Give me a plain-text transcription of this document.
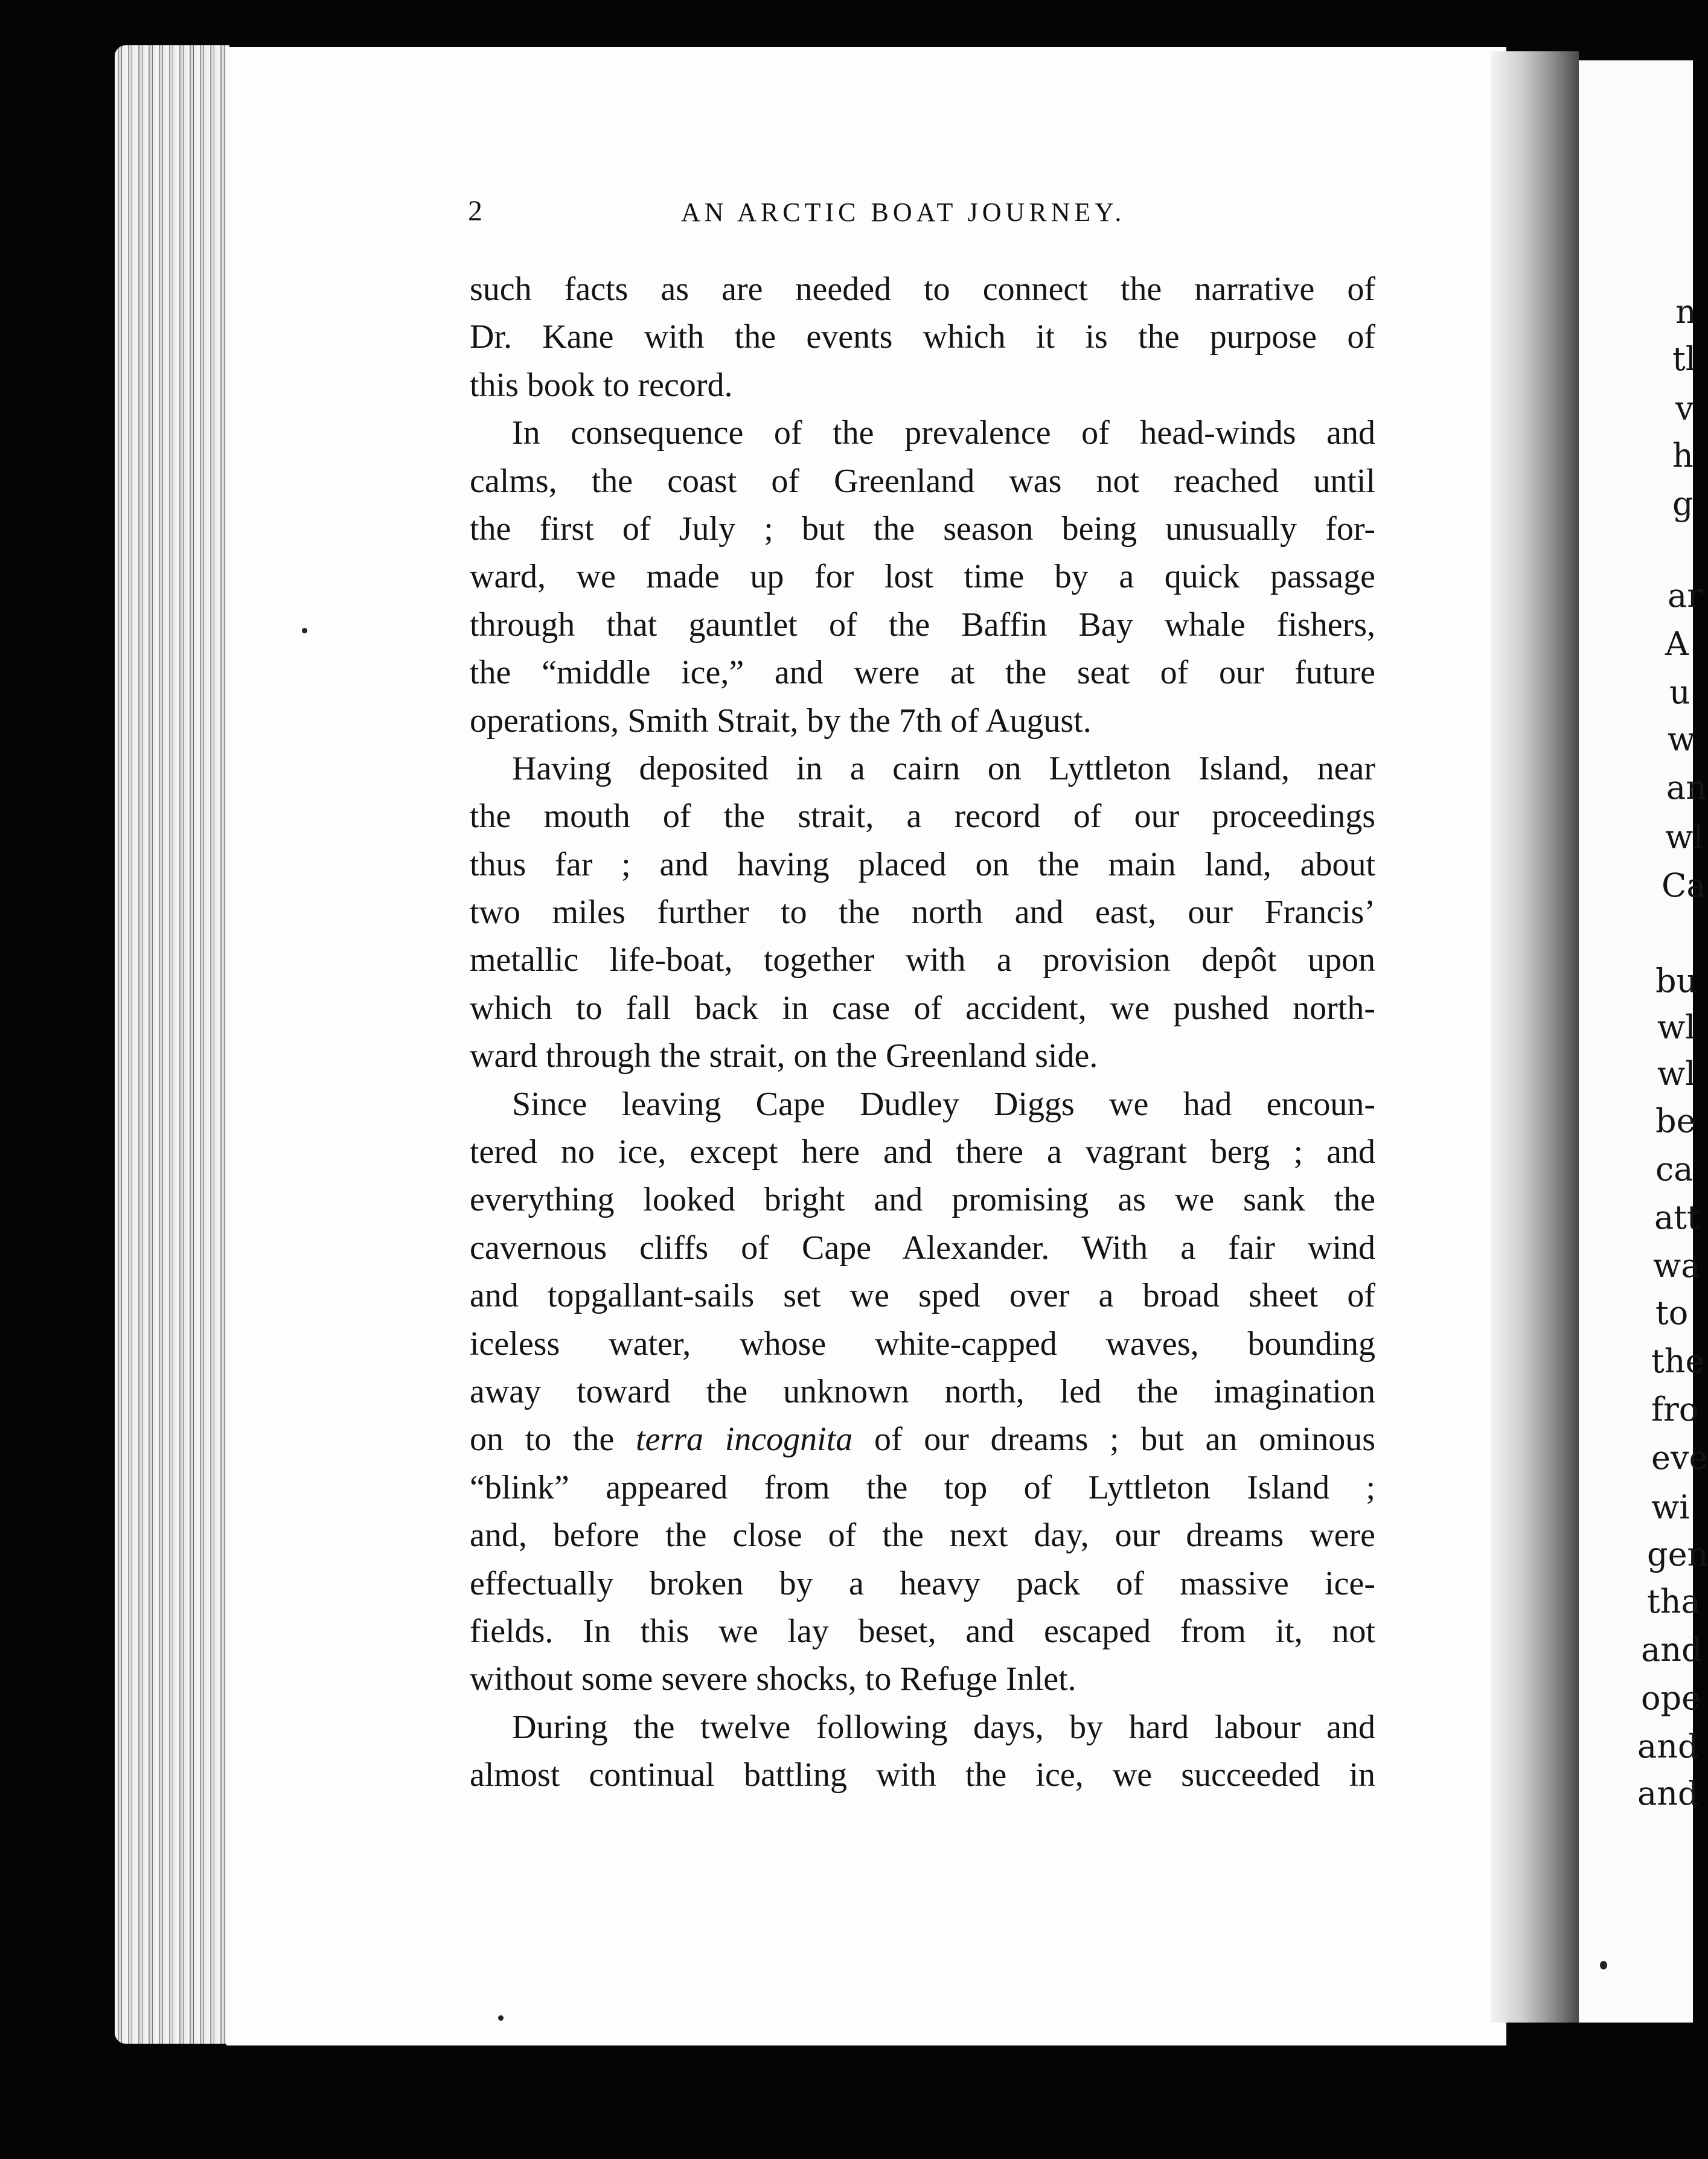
n
tl
v
h
g
ar
A
u
w
an
wl
Ca
bu
wl
wl
be
ca
att
wa
to
the
fro
eve
wi
gen
tha
and
ope
and
and
2	AN ARCTIC BOAT JOURNEY.
such facts as are needed to connect the narrative of
Dr. Kane with the events which it is the purpose of
this book to record.
In consequence of the prevalence of head-winds and
calms, the coast of Greenland was not reached until
the first of July ; but the season being unusually for-
ward, we made up for lost time by a quick passage
through that gauntlet of the Baffin Bay whale fishers,
the “middle ice,” and were at the seat of our future
operations, Smith Strait, by the 7th of August.
Having deposited in a cairn on Lyttleton Island, near
the mouth of the strait, a record of our proceedings
thus far ; and having placed on the main land, about
two miles further to the north and east, our Francis’
metallic life-boat, together with a provision depôt upon
which to fall back in case of accident, we pushed north-
ward through the strait, on the Greenland side.
Since leaving Cape Dudley Diggs we had encoun-
tered no ice, except here and there a vagrant berg ; and
everything looked bright and promising as we sank the
cavernous cliffs of Cape Alexander. With a fair wind
and topgallant-sails set we sped over a broad sheet of
iceless water, whose white-capped waves, bounding
away toward the unknown north, led the imagination
on to the terra incognita of our dreams ; but an ominous
“blink” appeared from the top of Lyttleton Island ;
and, before the close of the next day, our dreams were
effectually broken by a heavy pack of massive ice-
fields. In this we lay beset, and escaped from it, not
without some severe shocks, to Refuge Inlet.
During the twelve following days, by hard labour and
almost continual battling with the ice, we succeeded in
